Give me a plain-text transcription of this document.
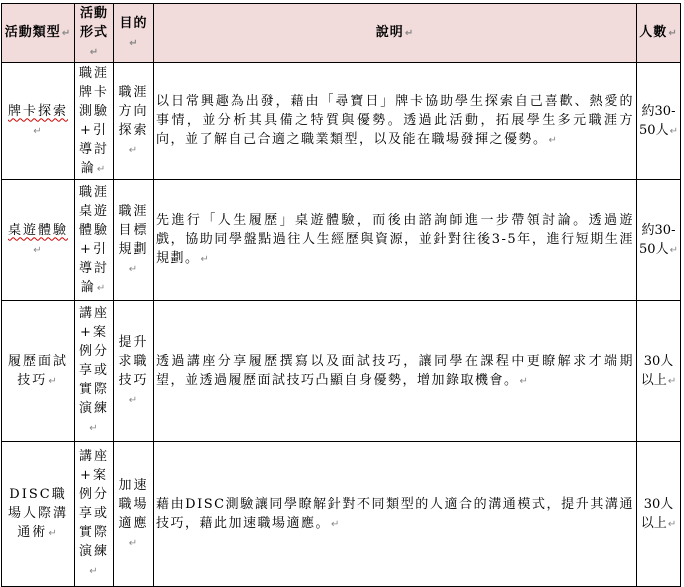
活動類型↵	活動形式↵	目的↵	說明↵	人數↵
牌卡探索↵	職涯牌卡測驗+引導討論↵	職涯方向探索↵	以日常興趣為出發，藉由「尋寶日」牌卡協助學生探索自己喜歡、熱愛的事情，並分析其具備之特質與優勢。透過此活動，拓展學生多元職涯方向，並了解自己合適之職業類型，以及能在職場發揮之優勢。↵	約30-50人↵
桌遊體驗↵	職涯桌遊體驗+引導討論↵	職涯目標規劃↵	先進行「人生履歷」桌遊體驗，而後由諮詢師進一步帶領討論。透過遊戲，協助同學盤點過往人生經歷與資源，並針對往後3-5年，進行短期生涯規劃。↵	約30-50人↵
履歷面試技巧↵	講座+案例分享或實際演練↵	提升求職技巧↵	透過講座分享履歷撰寫以及面試技巧，讓同學在課程中更瞭解求才端期望，並透過履歷面試技巧凸顯自身優勢，增加錄取機會。↵	30人以上↵
DISC職場人際溝通術↵	講座+案例分享或實際演練↵	加速職場適應↵	藉由DISC測驗讓同學瞭解針對不同類型的人適合的溝通模式，提升其溝通技巧，藉此加速職場適應。↵	30人以上↵
